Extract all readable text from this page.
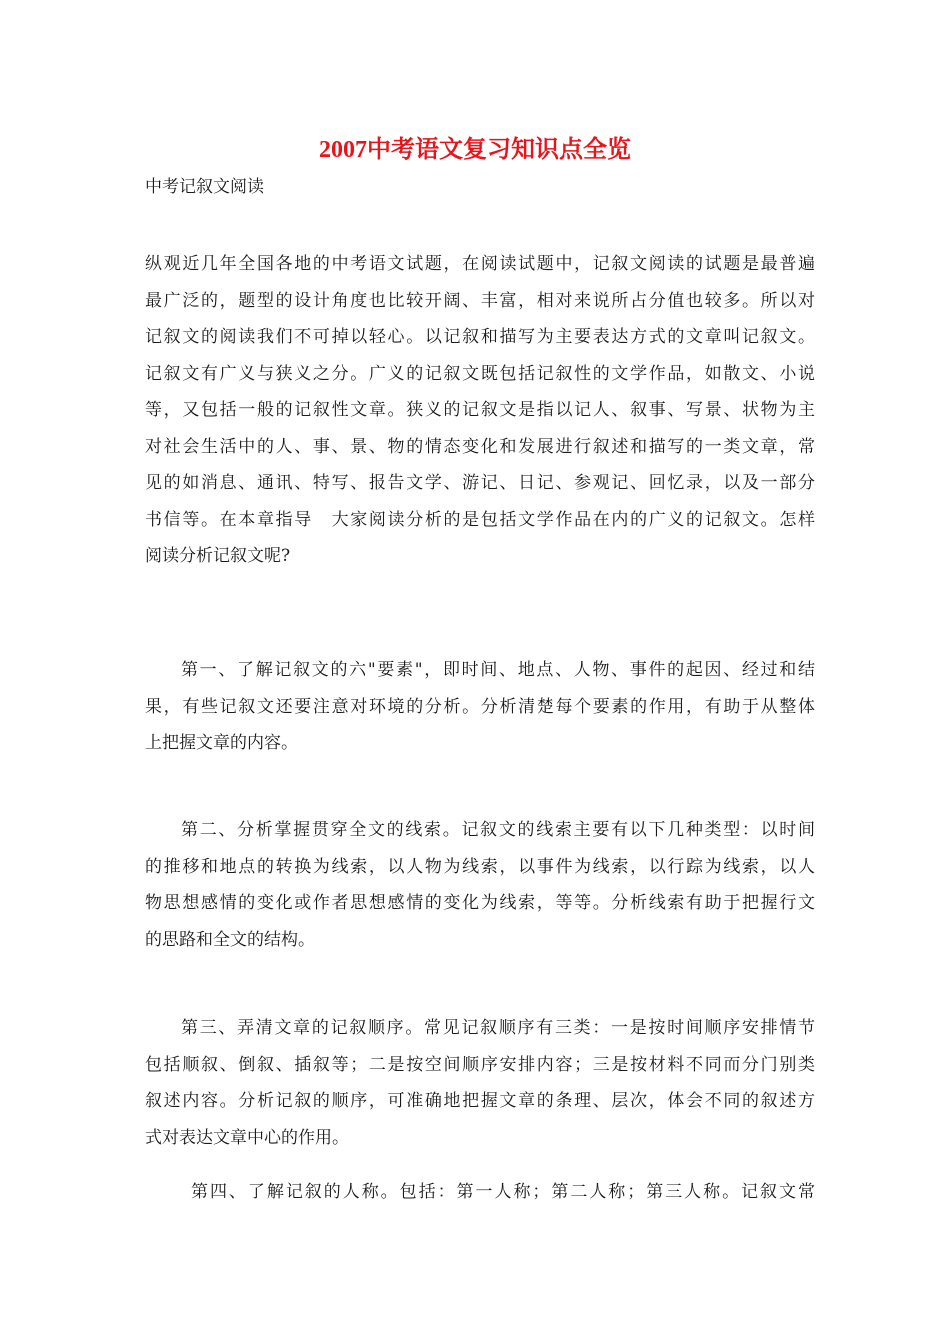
2007中考语文复习知识点全览
中考记叙文阅读
纵观近几年全国各地的中考语文试题，在阅读试题中，记叙文阅读的试题是最普遍
最广泛的，题型的设计角度也比较开阔、丰富，相对来说所占分值也较多。所以对
记叙文的阅读我们不可掉以轻心。以记叙和描写为主要表达方式的文章叫记叙文。
记叙文有广义与狭义之分。广义的记叙文既包括记叙性的文学作品，如散文、小说
等，又包括一般的记叙性文章。狭义的记叙文是指以记人、叙事、写景、状物为主
对社会生活中的人、事、景、物的情态变化和发展进行叙述和描写的一类文章，常
见的如消息、通讯、特写、报告文学、游记、日记、参观记、回忆录，以及一部分
书信等。在本章指导　大家阅读分析的是包括文学作品在内的广义的记叙文。怎样
阅读分析记叙文呢?
第一、了解记叙文的六"要素"，即时间、地点、人物、事件的起因、经过和结
果，有些记叙文还要注意对环境的分析。分析清楚每个要素的作用，有助于从整体
上把握文章的内容。
第二、分析掌握贯穿全文的线索。记叙文的线索主要有以下几种类型：以时间
的推移和地点的转换为线索，以人物为线索，以事件为线索，以行踪为线索，以人
物思想感情的变化或作者思想感情的变化为线索，等等。分析线索有助于把握行文
的思路和全文的结构。
第三、弄清文章的记叙顺序。常见记叙顺序有三类：一是按时间顺序安排情节
包括顺叙、倒叙、插叙等；二是按空间顺序安排内容；三是按材料不同而分门别类
叙述内容。分析记叙的顺序，可准确地把握文章的条理、层次，体会不同的叙述方
式对表达文章中心的作用。
第四、了解记叙的人称。包括：第一人称；第二人称；第三人称。记叙文常
